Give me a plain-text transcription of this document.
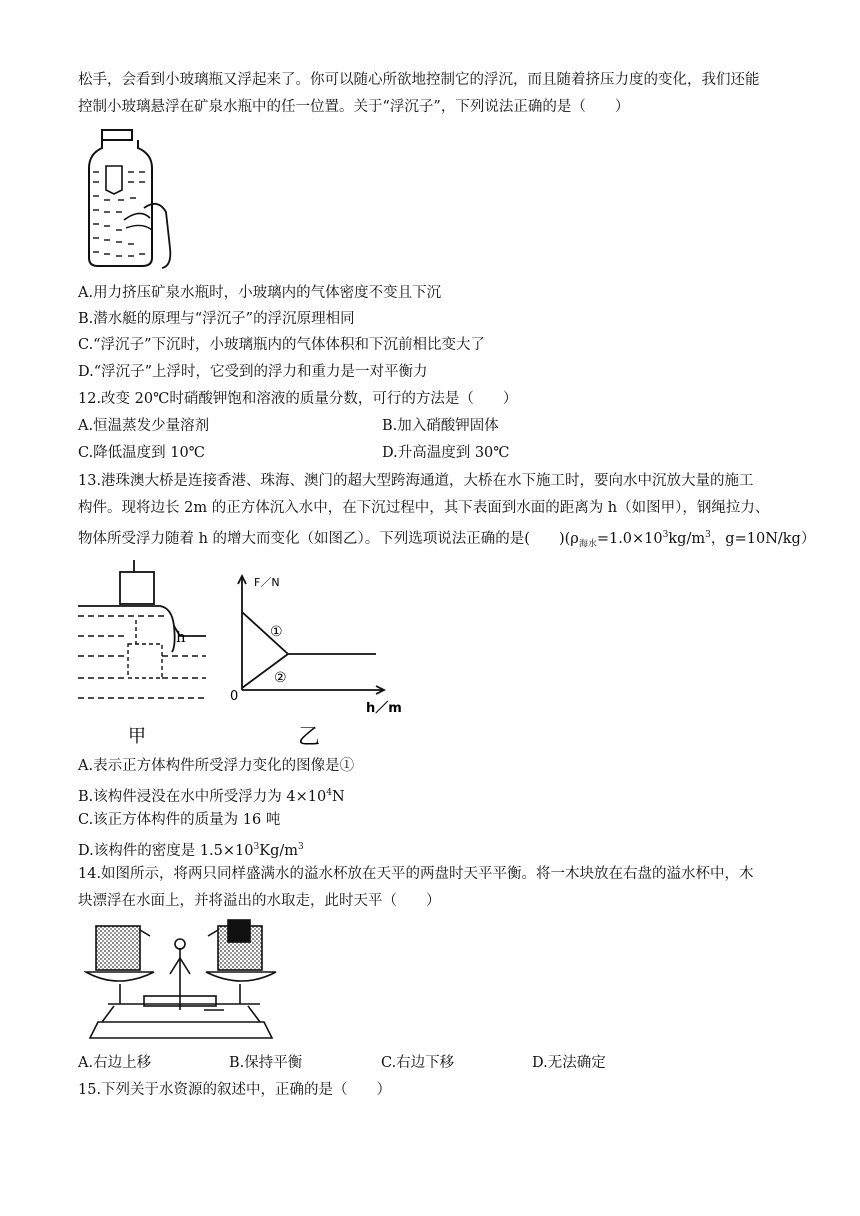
松手，会看到小玻璃瓶又浮起来了。你可以随心所欲地控制它的浮沉，而且随着挤压力度的变化，我们还能
控制小玻璃悬浮在矿泉水瓶中的任一位置。关于“浮沉子”，下列说法正确的是（　　）
A.用力挤压矿泉水瓶时，小玻璃内的气体密度不变且下沉
B.潜水艇的原理与“浮沉子”的浮沉原理相同
C.“浮沉子”下沉时，小玻璃瓶内的气体体积和下沉前相比变大了
D.“浮沉子”上浮时，它受到的浮力和重力是一对平衡力
12.改变 20℃时硝酸钾饱和溶液的质量分数，可行的方法是（　　）
A.恒温蒸发少量溶剂	B.加入硝酸钾固体
C.降低温度到 10℃	D.升高温度到 30℃
13.港珠澳大桥是连接香港、珠海、澳门的超大型跨海通道，大桥在水下施工时，要向水中沉放大量的施工
构件。现将边长 2m 的正方体沉入水中，在下沉过程中，其下表面到水面的距离为 h（如图甲），钢绳拉力、
物体所受浮力随着 h 的增大而变化（如图乙）。下列选项说法正确的是(　　)($\rho_{海水}=1.0\times 10^3kg/m^3$，g=10N/kg）
h
甲
F／N
①
②
0
h／m
乙
A.表示正方体构件所受浮力变化的图像是①
B.该构件浸没在水中所受浮力为 $4\times 10^4N$
C.该正方体构件的质量为 16 吨
D.该构件的密度是 $1.5\times 10^3Kg/m^3$
14.如图所示，将两只同样盛满水的溢水杯放在天平的两盘时天平平衡。将一木块放在右盘的溢水杯中，木
块漂浮在水面上，并将溢出的水取走，此时天平（　　）
A.右边上移	B.保持平衡	C.右边下移	D.无法确定
15.下列关于水资源的叙述中，正确的是（　　）
